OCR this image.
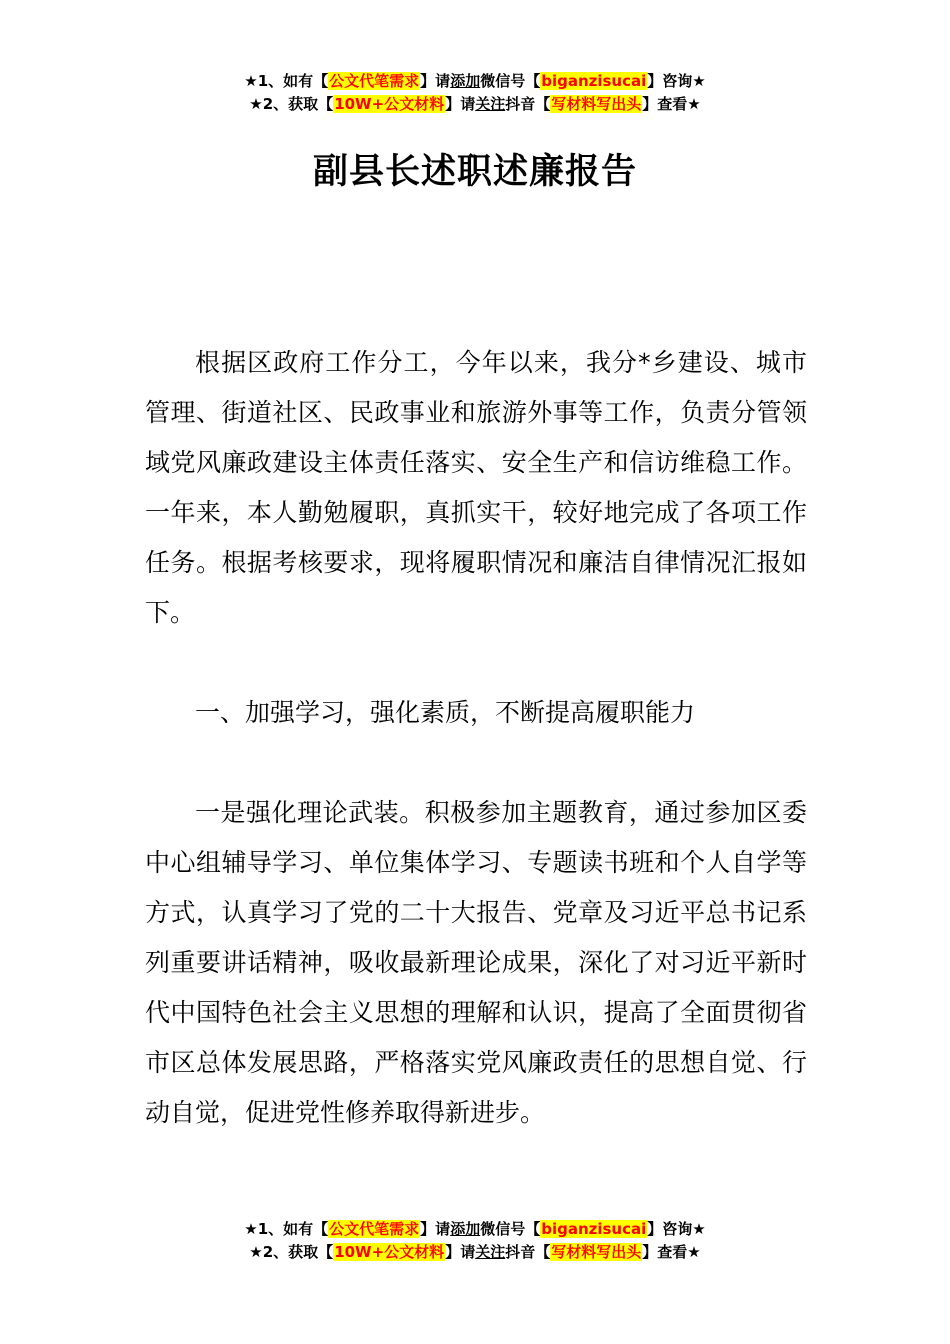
★1、如有【公文代笔需求】请添加微信号【biganzisucai】咨询★
★2、获取【10W+公文材料】请关注抖音【写材料写出头】查看★
副县长述职述廉报告

根据区政府工作分工，今年以来，我分*乡建设、城市管理、街道社区、民政事业和旅游外事等工作，负责分管领域党风廉政建设主体责任落实、安全生产和信访维稳工作。一年来，本人勤勉履职，真抓实干，较好地完成了各项工作任务。根据考核要求，现将履职情况和廉洁自律情况汇报如下。

一、加强学习，强化素质，不断提高履职能力

一是强化理论武装。积极参加主题教育，通过参加区委中心组辅导学习、单位集体学习、专题读书班和个人自学等方式，认真学习了党的二十大报告、党章及习近平总书记系列重要讲话精神，吸收最新理论成果，深化了对习近平新时代中国特色社会主义思想的理解和认识，提高了全面贯彻省市区总体发展思路，严格落实党风廉政责任的思想自觉、行动自觉，促进党性修养取得新进步。

★1、如有【公文代笔需求】请添加微信号【biganzisucai】咨询★
★2、获取【10W+公文材料】请关注抖音【写材料写出头】查看★
